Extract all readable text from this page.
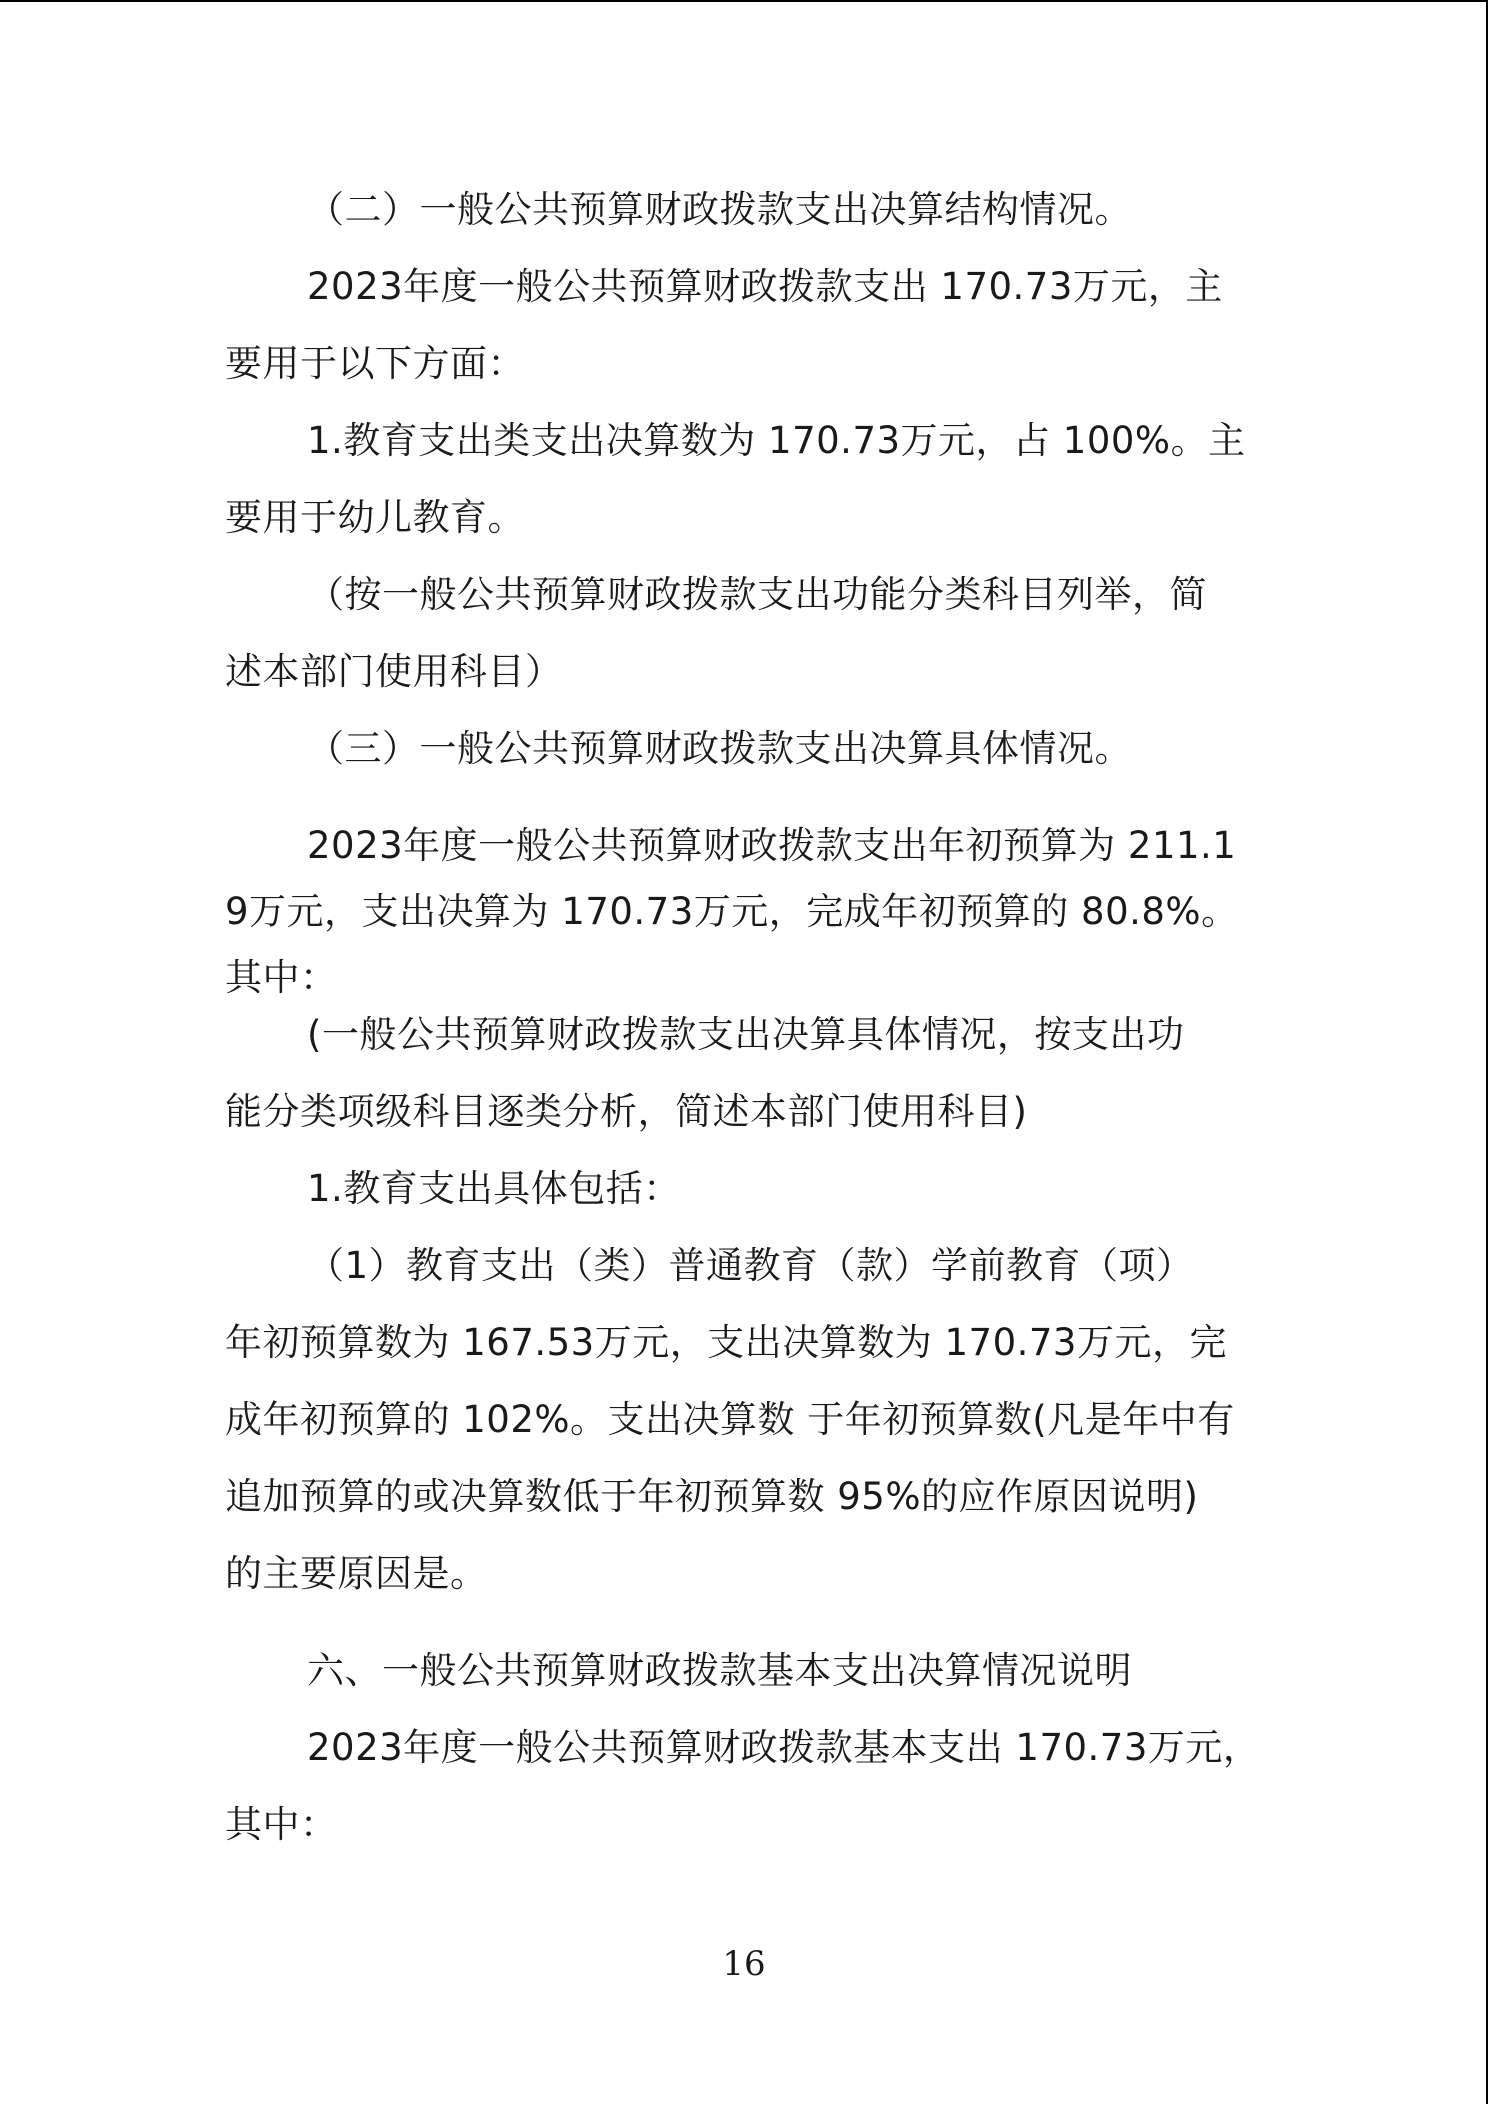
（二）一般公共预算财政拨款支出决算结构情况。
2023年度一般公共预算财政拨款支出 170.73万元，主
要用于以下方面：
1.教育支出类支出决算数为 170.73万元，占 100%。主
要用于幼儿教育。
（按一般公共预算财政拨款支出功能分类科目列举，简
述本部门使用科目）
（三）一般公共预算财政拨款支出决算具体情况。
2023年度一般公共预算财政拨款支出年初预算为 211.1
9万元，支出决算为 170.73万元，完成年初预算的 80.8%。
其中：
(一般公共预算财政拨款支出决算具体情况，按支出功
能分类项级科目逐类分析，简述本部门使用科目)
1.教育支出具体包括：
（1）教育支出（类）普通教育（款）学前教育（项）
年初预算数为 167.53万元，支出决算数为 170.73万元，完
成年初预算的 102%。支出决算数 于年初预算数(凡是年中有
追加预算的或决算数低于年初预算数 95%的应作原因说明)
的主要原因是。
六、一般公共预算财政拨款基本支出决算情况说明
2023年度一般公共预算财政拨款基本支出 170.73万元，
其中：
16
